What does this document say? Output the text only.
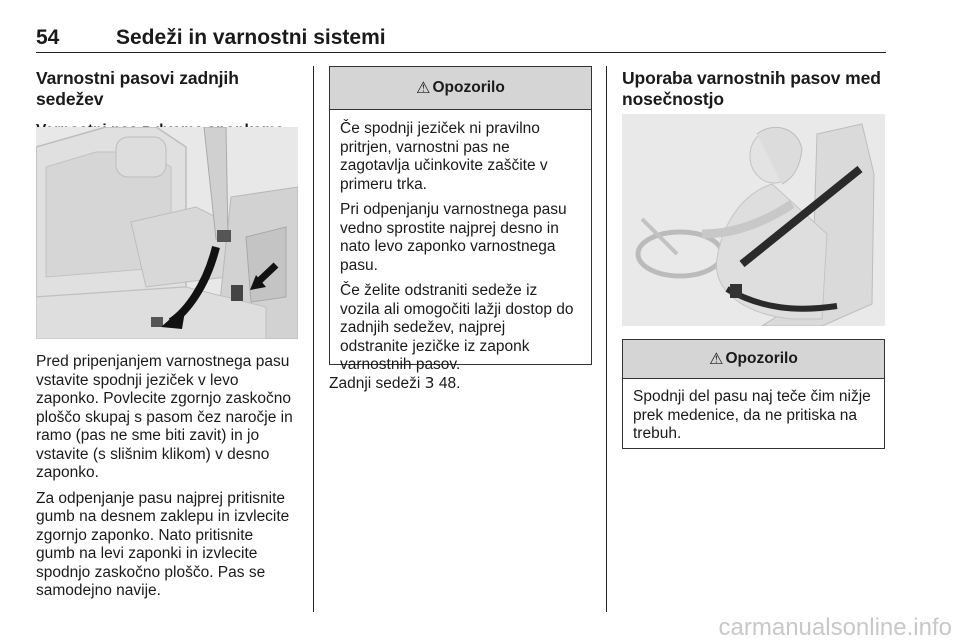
54	Sedeži in varnostni sistemi
Varnostni pasovi zadnjih sedežev

Pred pripenjanjem varnostnega pasu
vstavite spodnji jeziček v levo
zaponko. Povlecite zgornjo zaskočno
ploščo skupaj s pasom čez naročje in
ramo (pas ne sme biti zavit) in jo
vstavite (s slišnim klikom) v desno
zaponko.

Za odpenjanje pasu najprej pritisnite
gumb na desnem zaklepu in izvlecite
zgornjo zaponko. Nato pritisnite
gumb na levi zaponki in izvlecite
spodnjo zaskočno ploščo. Pas se
samodejno navije.

⚠ Opozorilo

Če spodnji jeziček ni pravilno
pritrjen, varnostni pas ne
zagotavlja učinkovite zaščite v
primeru trka.

Pri odpenjanju varnostnega pasu
vedno sprostite najprej desno in
nato levo zaponko varnostnega
pasu.

Če želite odstraniti sedeže iz
vozila ali omogočiti lažji dostop do
zadnjih sedežev, najprej
odstranite jezičke iz zaponk
varnostnih pasov.

Zadnji sedeži 3 48.

Uporaba varnostnih pasov med
nosečnostjo
⚠ Opozorilo

Spodnji del pasu naj teče čim nižje
prek medenice, da ne pritiska na
trebuh.

carmanualsonline.info
